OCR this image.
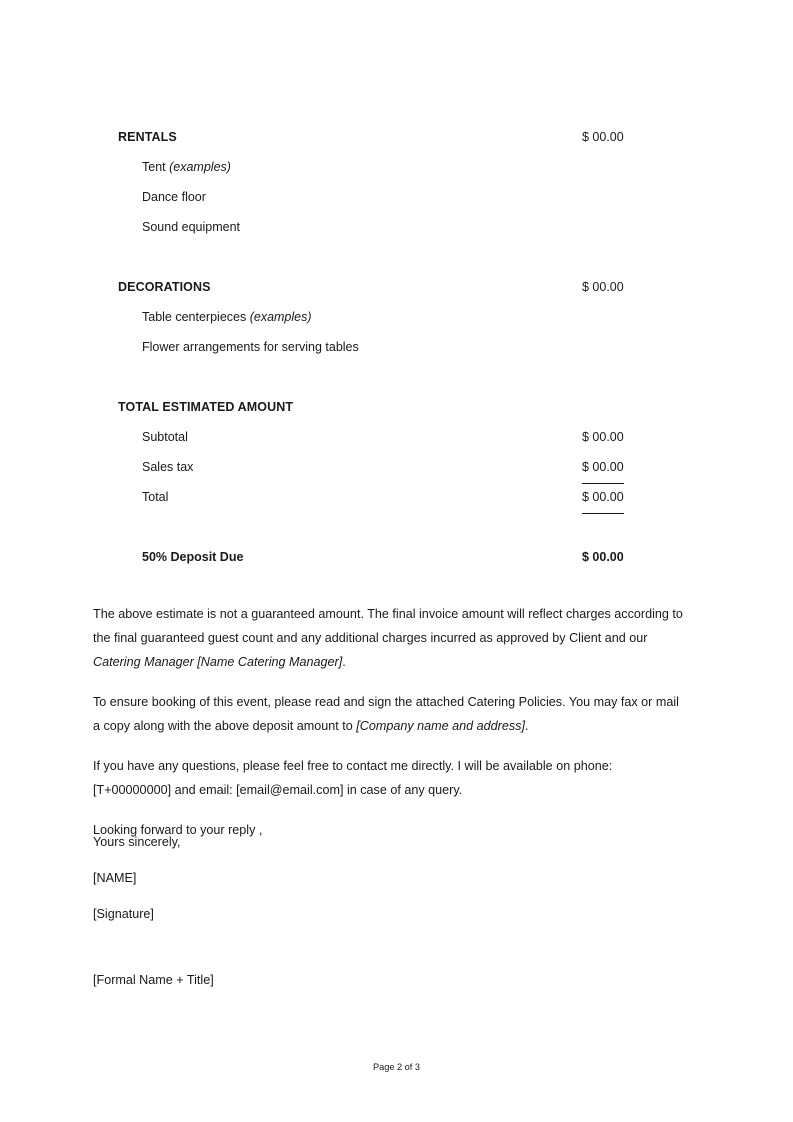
RENTALS	$ 00.00
Tent (examples)
Dance floor
Sound equipment
DECORATIONS	$ 00.00
Table centerpieces (examples)
Flower arrangements for serving tables
TOTAL ESTIMATED AMOUNT
Subtotal	$ 00.00
Sales tax	$ 00.00
Total	$ 00.00
50% Deposit Due	$ 00.00

The above estimate is not a guaranteed amount. The final invoice amount will reflect charges according to the final guaranteed guest count and any additional charges incurred as approved by Client and our Catering Manager [Name Catering Manager].

To ensure booking of this event, please read and sign the attached Catering Policies. You may fax or mail a copy along with the above deposit amount to [Company name and address].

If you have any questions, please feel free to contact me directly. I will be available on phone: [T+00000000] and email: [email@email.com] in case of any query.

Looking forward to your reply ,

Yours sincerely,
[NAME]
[Signature]
[Formal Name + Title]
Page 2 of 3
